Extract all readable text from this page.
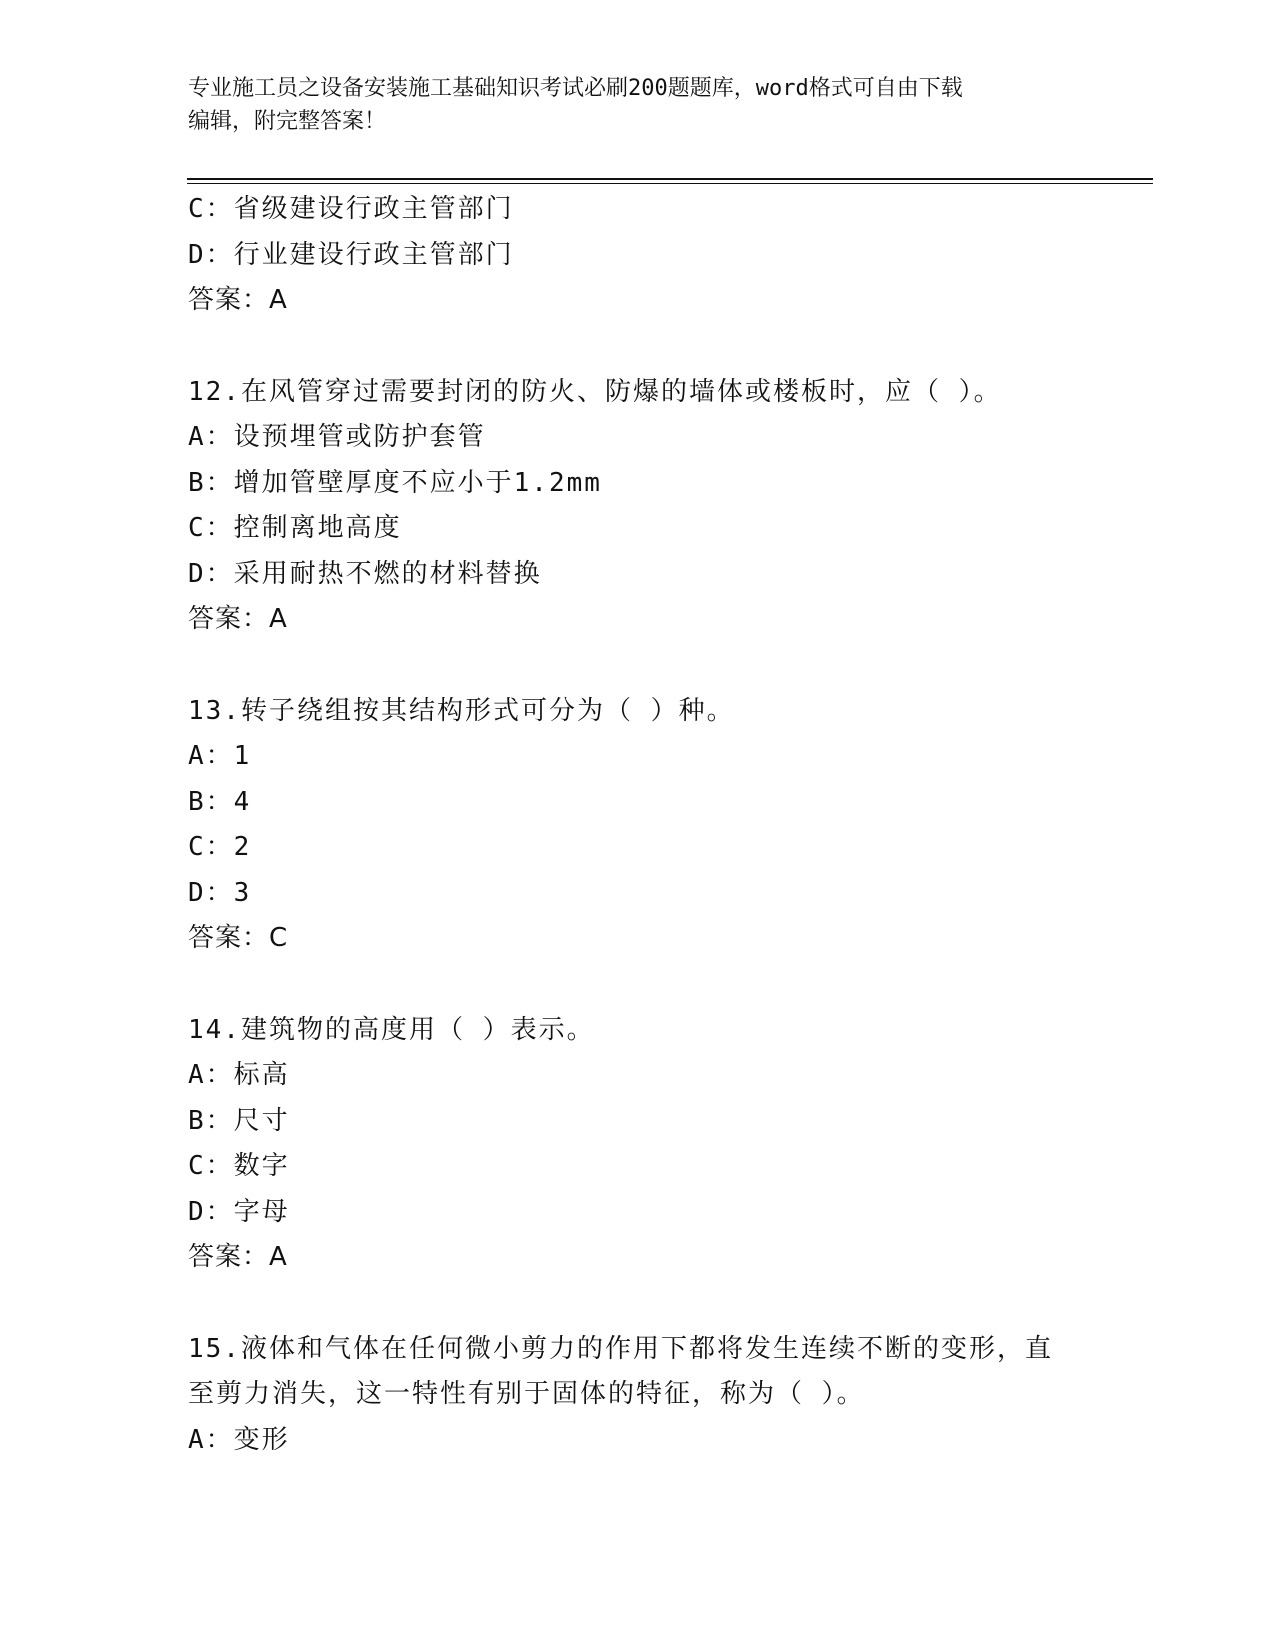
专业施工员之设备安装施工基础知识考试必刷200题题库，word格式可自由下载
编辑，附完整答案！
C：省级建设行政主管部门
D：行业建设行政主管部门
答案：A
12.在风管穿过需要封闭的防火、防爆的墙体或楼板时，应（ ）。
A：设预埋管或防护套管
B：增加管壁厚度不应小于1.2mm
C：控制离地高度
D：采用耐热不燃的材料替换
答案：A
13.转子绕组按其结构形式可分为（ ）种。
A：1
B：4
C：2
D：3
答案：C
14.建筑物的高度用（ ）表示。
A：标高
B：尺寸
C：数字
D：字母
答案：A
15.液体和气体在任何微小剪力的作用下都将发生连续不断的变形，直
至剪力消失，这一特性有别于固体的特征，称为（ ）。
A：变形
